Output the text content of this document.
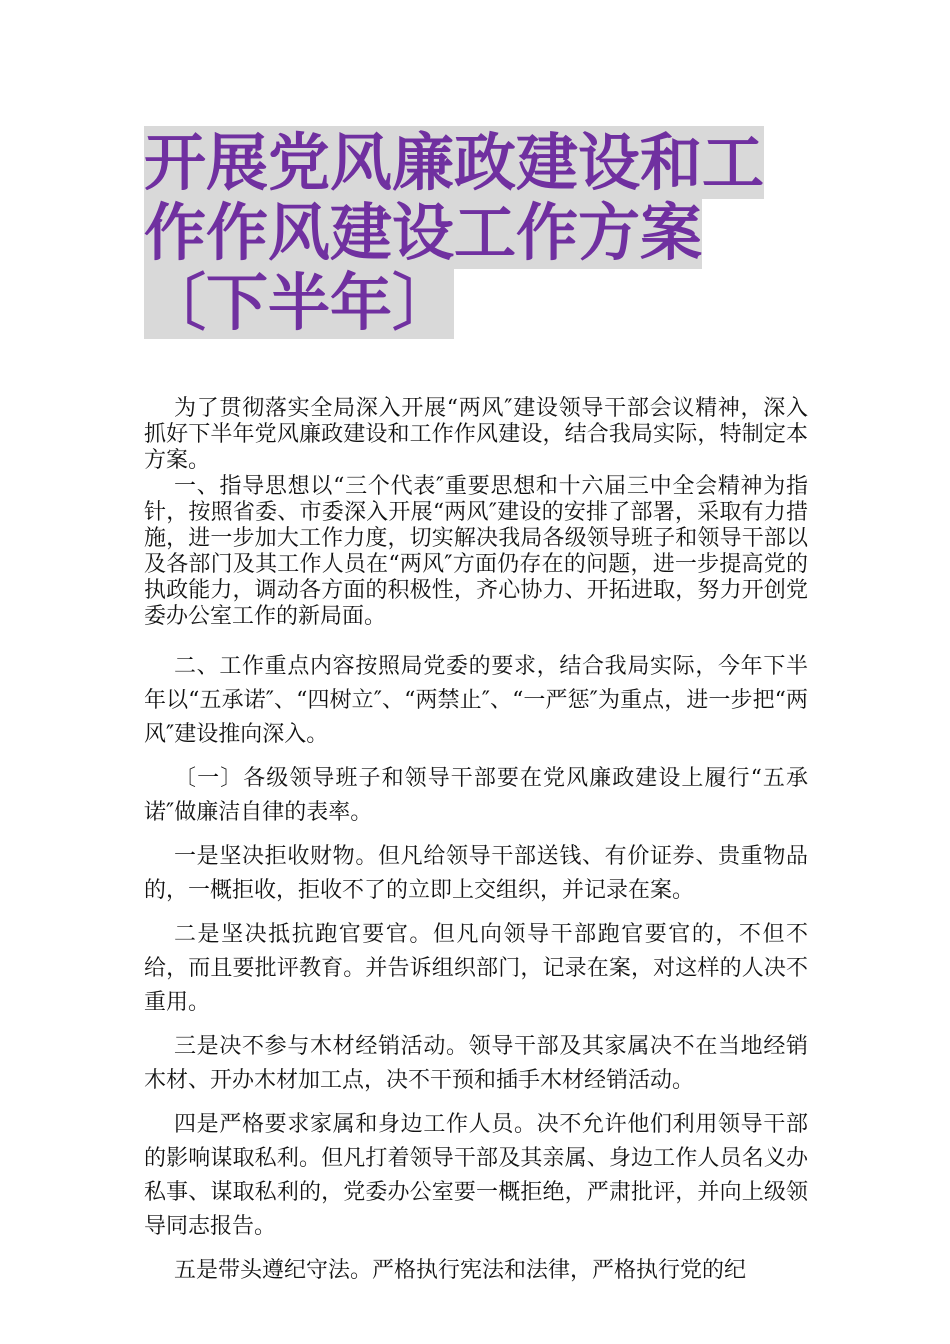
开展党风廉政建设和工作作风建设工作方案〔下半年〕

为了贯彻落实全局深入开展“两风″建设领导干部会议精神，深入抓好下半年党风廉政建设和工作作风建设，结合我局实际，特制定本方案。

一、指导思想以“三个代表″重要思想和十六届三中全会精神为指针，按照省委、市委深入开展“两风″建设的安排了部署，采取有力措施，进一步加大工作力度，切实解决我局各级领导班子和领导干部以及各部门及其工作人员在“两风″方面仍存在的问题，进一步提高党的执政能力，调动各方面的积极性，齐心协力、开拓进取，努力开创党委办公室工作的新局面。

二、工作重点内容按照局党委的要求，结合我局实际，今年下半年以“五承诺″、“四树立″、“两禁止″、“一严惩″为重点，进一步把“两风″建设推向深入。

〔一〕各级领导班子和领导干部要在党风廉政建设上履行“五承诺″做廉洁自律的表率。

一是坚决拒收财物。但凡给领导干部送钱、有价证券、贵重物品的，一概拒收，拒收不了的立即上交组织，并记录在案。

二是坚决抵抗跑官要官。但凡向领导干部跑官要官的，不但不给，而且要批评教育。并告诉组织部门，记录在案，对这样的人决不重用。

三是决不参与木材经销活动。领导干部及其家属决不在当地经销木材、开办木材加工点，决不干预和插手木材经销活动。

四是严格要求家属和身边工作人员。决不允许他们利用领导干部的影响谋取私利。但凡打着领导干部及其亲属、身边工作人员名义办私事、谋取私利的，党委办公室要一概拒绝，严肃批评，并向上级领导同志报告。

五是带头遵纪守法。严格执行宪法和法律，严格执行党的纪
